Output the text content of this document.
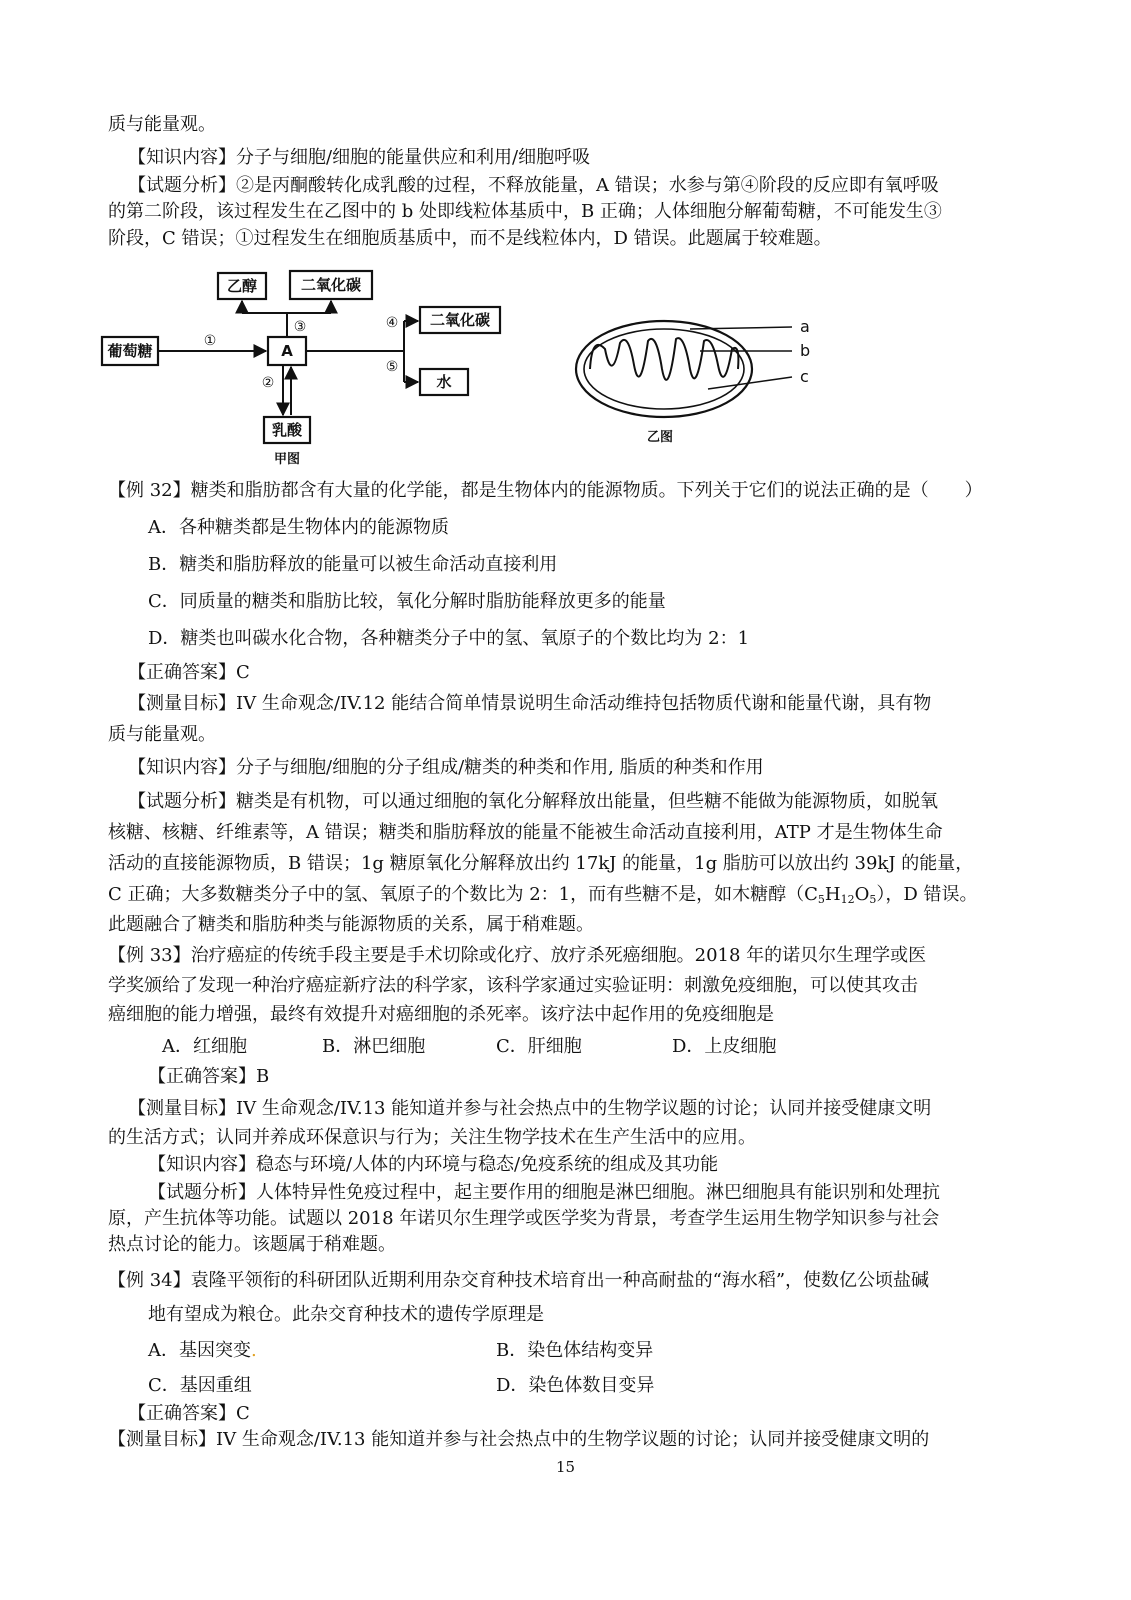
质与能量观。
【知识内容】分子与细胞/细胞的能量供应和利用/细胞呼吸
【试题分析】②是丙酮酸转化成乳酸的过程，不释放能量，A 错误；水参与第④阶段的反应即有氧呼吸
的第二阶段，该过程发生在乙图中的 b 处即线粒体基质中，B 正确；人体细胞分解葡萄糖，不可能发生③
阶段，C 错误；①过程发生在细胞质基质中，而不是线粒体内，D 错误。此题属于较难题。
葡萄糖	A
乙醇	二氧化碳
二氧化碳
水
乳酸
①
③
②
④
⑤
甲图
a
b
c
乙图
【例 32】糖类和脂肪都含有大量的化学能，都是生物体内的能源物质。下列关于它们的说法正确的是（　　）
A．各种糖类都是生物体内的能源物质
B．糖类和脂肪释放的能量可以被生命活动直接利用
C．同质量的糖类和脂肪比较，氧化分解时脂肪能释放更多的能量
D．糖类也叫碳水化合物，各种糖类分子中的氢、氧原子的个数比均为 2：1
【正确答案】C
【测量目标】IV 生命观念/IV.12 能结合简单情景说明生命活动维持包括物质代谢和能量代谢，具有物
质与能量观。
【知识内容】分子与细胞/细胞的分子组成/糖类的种类和作用, 脂质的种类和作用
【试题分析】糖类是有机物，可以通过细胞的氧化分解释放出能量，但些糖不能做为能源物质，如脱氧
核糖、核糖、纤维素等，A 错误；糖类和脂肪释放的能量不能被生命活动直接利用，ATP 才是生物体生命
活动的直接能源物质，B 错误；1g 糖原氧化分解释放出约 17kJ 的能量，1g 脂肪可以放出约 39kJ 的能量，
C 正确；大多数糖类分子中的氢、氧原子的个数比为 2：1，而有些糖不是，如木糖醇$(C_5H_{12}O_5)$，D 错误。
此题融合了糖类和脂肪种类与能源物质的关系，属于稍难题。
【例 33】治疗癌症的传统手段主要是手术切除或化疗、放疗杀死癌细胞。2018 年的诺贝尔生理学或医
学奖颁给了发现一种治疗癌症新疗法的科学家，该科学家通过实验证明：刺激免疫细胞，可以使其攻击
癌细胞的能力增强，最终有效提升对癌细胞的杀死率。该疗法中起作用的免疫细胞是
A．红细胞	B．淋巴细胞	C．肝细胞	D．上皮细胞
【正确答案】B
【测量目标】IV 生命观念/IV.13 能知道并参与社会热点中的生物学议题的讨论；认同并接受健康文明
的生活方式；认同并养成环保意识与行为；关注生物学技术在生产生活中的应用。
【知识内容】稳态与环境/人体的内环境与稳态/免疫系统的组成及其功能
【试题分析】人体特异性免疫过程中，起主要作用的细胞是淋巴细胞。淋巴细胞具有能识别和处理抗
原，产生抗体等功能。试题以 2018 年诺贝尔生理学或医学奖为背景，考查学生运用生物学知识参与社会
热点讨论的能力。该题属于稍难题。
【例 34】袁隆平领衔的科研团队近期利用杂交育种技术培育出一种高耐盐的“海水稻”，使数亿公顷盐碱
地有望成为粮仓。此杂交育种技术的遗传学原理是
A．基因突变.	B．染色体结构变异
C．基因重组	D．染色体数目变异
【正确答案】C
【测量目标】IV 生命观念/IV.13 能知道并参与社会热点中的生物学议题的讨论；认同并接受健康文明的
15
